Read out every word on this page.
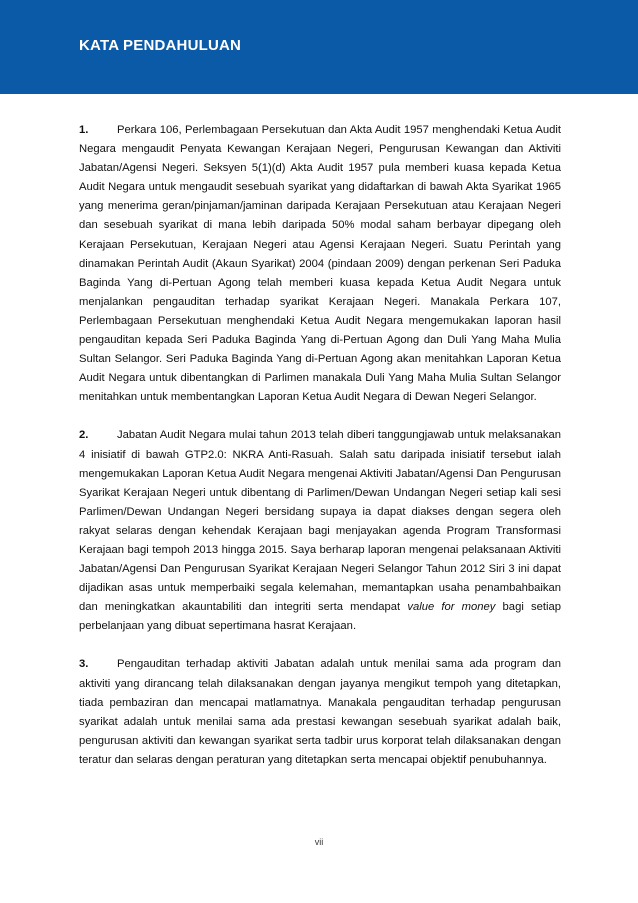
KATA PENDAHULUAN

1.	Perkara 106, Perlembagaan Persekutuan dan Akta Audit 1957 menghendaki Ketua Audit Negara mengaudit Penyata Kewangan Kerajaan Negeri, Pengurusan Kewangan dan Aktiviti Jabatan/Agensi Negeri. Seksyen 5(1)(d) Akta Audit 1957 pula memberi kuasa kepada Ketua Audit Negara untuk mengaudit sesebuah syarikat yang didaftarkan di bawah Akta Syarikat 1965 yang menerima geran/pinjaman/jaminan daripada Kerajaan Persekutuan atau Kerajaan Negeri dan sesebuah syarikat di mana lebih daripada 50% modal saham berbayar dipegang oleh Kerajaan Persekutuan, Kerajaan Negeri atau Agensi Kerajaan Negeri. Suatu Perintah yang dinamakan Perintah Audit (Akaun Syarikat) 2004 (pindaan 2009) dengan perkenan Seri Paduka Baginda Yang di-Pertuan Agong telah memberi kuasa kepada Ketua Audit Negara untuk menjalankan pengauditan terhadap syarikat Kerajaan Negeri. Manakala Perkara 107, Perlembagaan Persekutuan menghendaki Ketua Audit Negara mengemukakan laporan hasil pengauditan kepada Seri Paduka Baginda Yang di-Pertuan Agong dan Duli Yang Maha Mulia Sultan Selangor. Seri Paduka Baginda Yang di-Pertuan Agong akan menitahkan Laporan Ketua Audit Negara untuk dibentangkan di Parlimen manakala Duli Yang Maha Mulia Sultan Selangor menitahkan untuk membentangkan Laporan Ketua Audit Negara di Dewan Negeri Selangor.

2.	Jabatan Audit Negara mulai tahun 2013 telah diberi tanggungjawab untuk melaksanakan 4 inisiatif di bawah GTP2.0: NKRA Anti-Rasuah. Salah satu daripada inisiatif tersebut ialah mengemukakan Laporan Ketua Audit Negara mengenai Aktiviti Jabatan/Agensi Dan Pengurusan Syarikat Kerajaan Negeri untuk dibentang di Parlimen/Dewan Undangan Negeri setiap kali sesi Parlimen/Dewan Undangan Negeri bersidang supaya ia dapat diakses dengan segera oleh rakyat selaras dengan kehendak Kerajaan bagi menjayakan agenda Program Transformasi Kerajaan bagi tempoh 2013 hingga 2015. Saya berharap laporan mengenai pelaksanaan Aktiviti Jabatan/Agensi Dan Pengurusan Syarikat Kerajaan Negeri Selangor Tahun 2012 Siri 3 ini dapat dijadikan asas untuk memperbaiki segala kelemahan, memantapkan usaha penambahbaikan dan meningkatkan akauntabiliti dan integriti serta mendapat value for money bagi setiap perbelanjaan yang dibuat sepertimana hasrat Kerajaan.

3.	Pengauditan terhadap aktiviti Jabatan adalah untuk menilai sama ada program dan aktiviti yang dirancang telah dilaksanakan dengan jayanya mengikut tempoh yang ditetapkan, tiada pembaziran dan mencapai matlamatnya. Manakala pengauditan terhadap pengurusan syarikat adalah untuk menilai sama ada prestasi kewangan sesebuah syarikat adalah baik, pengurusan aktiviti dan kewangan syarikat serta tadbir urus korporat telah dilaksanakan dengan teratur dan selaras dengan peraturan yang ditetapkan serta mencapai objektif penubuhannya.

vii
